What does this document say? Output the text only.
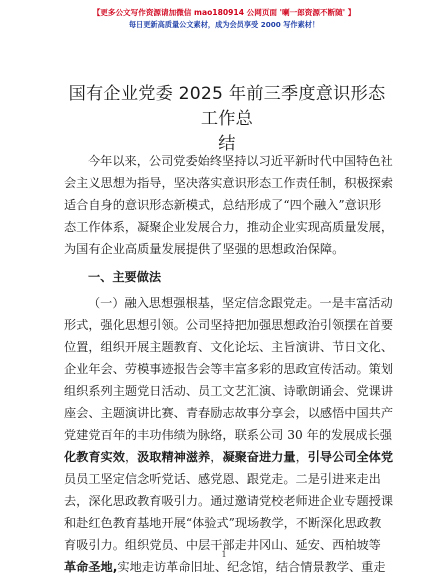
【更多公文写作资源请加微信 mao180914 公网页面 '喇一郎资源不断随' 】
每日更新高质量公文素材，成为会员享受 2000 写作素材！
国有企业党委 2025 年前三季度意识形态工作总
结
今年以来，公司党委始终坚持以习近平新时代中国特色社
会主义思想为指导，坚决落实意识形态工作责任制，积极探索
适合自身的意识形态新模式，总结形成了“四个融入”意识形
态工作体系，凝聚企业发展合力，推动企业实现高质量发展，
为国有企业高质量发展提供了坚强的思想政治保障。
一、主要做法
（一）融入思想强根基，坚定信念跟党走。一是丰富活动
形式，强化思想引领。公司坚持把加强思想政治引领摆在首要
位置，组织开展主题教育、文化论坛、主旨演讲、节日文化、
企业年会、劳模事迹报告会等丰富多彩的思政宣传活动。策划
组织系列主题党日活动、员工文艺汇演、诗歌朗诵会、党课讲
座会、主题演讲比赛、青春励志故事分享会，以感悟中国共产
党建党百年的丰功伟绩为脉络，联系公司 30 年的发展成长强
化教育实效，汲取精神滋养，凝聚奋进力量，引导公司全体党
员员工坚定信念听党话、感党恩、跟党走。二是引进来走出
去，深化思政教育吸引力。通过邀请党校老师进企业专题授课
和赴红色教育基地开展“体验式”现场教学，不断深化思政教
育吸引力。组织党员、中层干部走井冈山、延安、西柏坡等
革命圣地,实地走访革命旧址、纪念馆，结合情景教学、重走
1
